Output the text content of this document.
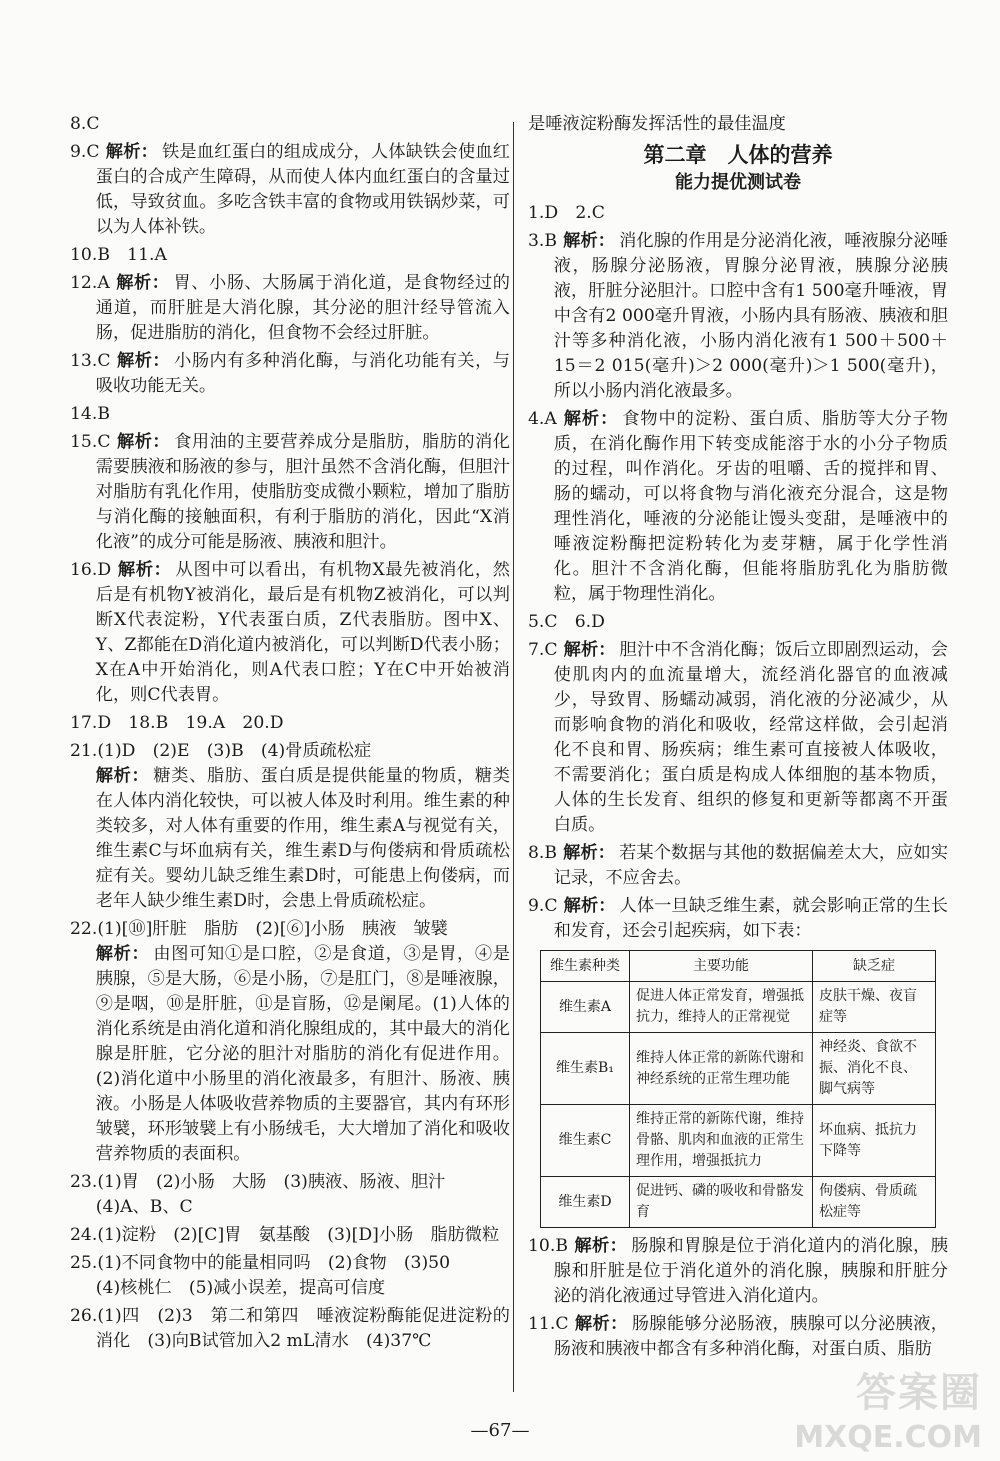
8.C

9.C 解析： 铁是血红蛋白的组成成分，人体缺铁会使血红蛋白的合成产生障碍，从而使人体内血红蛋白的含量过低，导致贫血。多吃含铁丰富的食物或用铁锅炒菜，可以为人体补铁。

10.B　11.A

12.A 解析： 胃、小肠、大肠属于消化道，是食物经过的通道，而肝脏是大消化腺，其分泌的胆汁经导管流入肠，促进脂肪的消化，但食物不会经过肝脏。

13.C 解析： 小肠内有多种消化酶，与消化功能有关，与吸收功能无关。

14.B

15.C 解析： 食用油的主要营养成分是脂肪，脂肪的消化需要胰液和肠液的参与，胆汁虽然不含消化酶，但胆汁对脂肪有乳化作用，使脂肪变成微小颗粒，增加了脂肪与消化酶的接触面积，有利于脂肪的消化，因此“X消化液”的成分可能是肠液、胰液和胆汁。

16.D 解析： 从图中可以看出，有机物X最先被消化，然后是有机物Y被消化，最后是有机物Z被消化，可以判断X代表淀粉，Y代表蛋白质，Z代表脂肪。图中X、Y、Z都能在D消化道内被消化，可以判断D代表小肠；X在A中开始消化，则A代表口腔；Y在C中开始被消化，则C代表胃。

17.D　18.B　19.A　20.D

21.(1)D　(2)E　(3)B　(4)骨质疏松症

解析： 糖类、脂肪、蛋白质是提供能量的物质，糖类在人体内消化较快，可以被人体及时利用。维生素的种类较多，对人体有重要的作用，维生素A与视觉有关，维生素C与坏血病有关，维生素D与佝偻病和骨质疏松症有关。婴幼儿缺乏维生素D时，可能患上佝偻病，而老年人缺少维生素D时，会患上骨质疏松症。

22.(1)[⑩]肝脏　脂肪　(2)[⑥]小肠　胰液　皱襞

解析： 由图可知①是口腔，②是食道，③是胃，④是胰腺，⑤是大肠，⑥是小肠，⑦是肛门，⑧是唾液腺，⑨是咽，⑩是肝脏，⑪是盲肠，⑫是阑尾。(1)人体的消化系统是由消化道和消化腺组成的，其中最大的消化腺是肝脏，它分泌的胆汁对脂肪的消化有促进作用。(2)消化道中小肠里的消化液最多，有胆汁、肠液、胰液。小肠是人体吸收营养物质的主要器官，其内有环形皱襞，环形皱襞上有小肠绒毛，大大增加了消化和吸收营养物质的表面积。

23.(1)胃　(2)小肠　大肠　(3)胰液、肠液、胆汁

(4)A、B、C

24.(1)淀粉　(2)[C]胃　氨基酸　(3)[D]小肠　脂肪微粒

25.(1)不同食物中的能量相同吗　(2)食物　(3)50

(4)核桃仁　(5)减小误差，提高可信度

26.(1)四　(2)3　第二和第四　唾液淀粉酶能促进淀粉的消化　(3)向B试管加入2 mL清水　(4)37℃

是唾液淀粉酶发挥活性的最佳温度

第二章　人体的营养
能力提优测试卷

1.D　2.C

3.B 解析： 消化腺的作用是分泌消化液，唾液腺分泌唾液，肠腺分泌肠液，胃腺分泌胃液，胰腺分泌胰液，肝脏分泌胆汁。口腔中含有1 500毫升唾液，胃中含有2 000毫升胃液，小肠内具有肠液、胰液和胆汁等多种消化液，小肠内消化液有1 500＋500＋15＝2 015(毫升)＞2 000(毫升)＞1 500(毫升)，所以小肠内消化液最多。

4.A 解析： 食物中的淀粉、蛋白质、脂肪等大分子物质，在消化酶作用下转变成能溶于水的小分子物质的过程，叫作消化。牙齿的咀嚼、舌的搅拌和胃、肠的蠕动，可以将食物与消化液充分混合，这是物理性消化，唾液的分泌能让馒头变甜，是唾液中的唾液淀粉酶把淀粉转化为麦芽糖，属于化学性消化。胆汁不含消化酶，但能将脂肪乳化为脂肪微粒，属于物理性消化。

5.C　6.D

7.C 解析： 胆汁中不含消化酶；饭后立即剧烈运动，会使肌肉内的血流量增大，流经消化器官的血液减少，导致胃、肠蠕动减弱，消化液的分泌减少，从而影响食物的消化和吸收，经常这样做，会引起消化不良和胃、肠疾病；维生素可直接被人体吸收，不需要消化；蛋白质是构成人体细胞的基本物质，人体的生长发育、组织的修复和更新等都离不开蛋白质。

8.B 解析： 若某个数据与其他的数据偏差太大，应如实记录，不应舍去。

9.C 解析： 人体一旦缺乏维生素，就会影响正常的生长和发育，还会引起疾病，如下表：

维生素种类	主要功能	缺乏症
维生素A	促进人体正常发育，增强抵抗力，维持人的正常视觉	皮肤干燥、夜盲症等
维生素B₁	维持人体正常的新陈代谢和神经系统的正常生理功能	神经炎、食欲不振、消化不良、脚气病等
维生素C	维持正常的新陈代谢，维持骨骼、肌肉和血液的正常生理作用，增强抵抗力	坏血病、抵抗力下降等
维生素D	促进钙、磷的吸收和骨骼发育	佝偻病、骨质疏松症等

10.B 解析： 肠腺和胃腺是位于消化道内的消化腺，胰腺和肝脏是位于消化道外的消化腺，胰腺和肝脏分泌的消化液通过导管进入消化道内。

11.C 解析： 肠腺能够分泌肠液，胰腺可以分泌胰液，肠液和胰液中都含有多种消化酶，对蛋白质、脂肪

—67—
答案圈
MXQE.COM
